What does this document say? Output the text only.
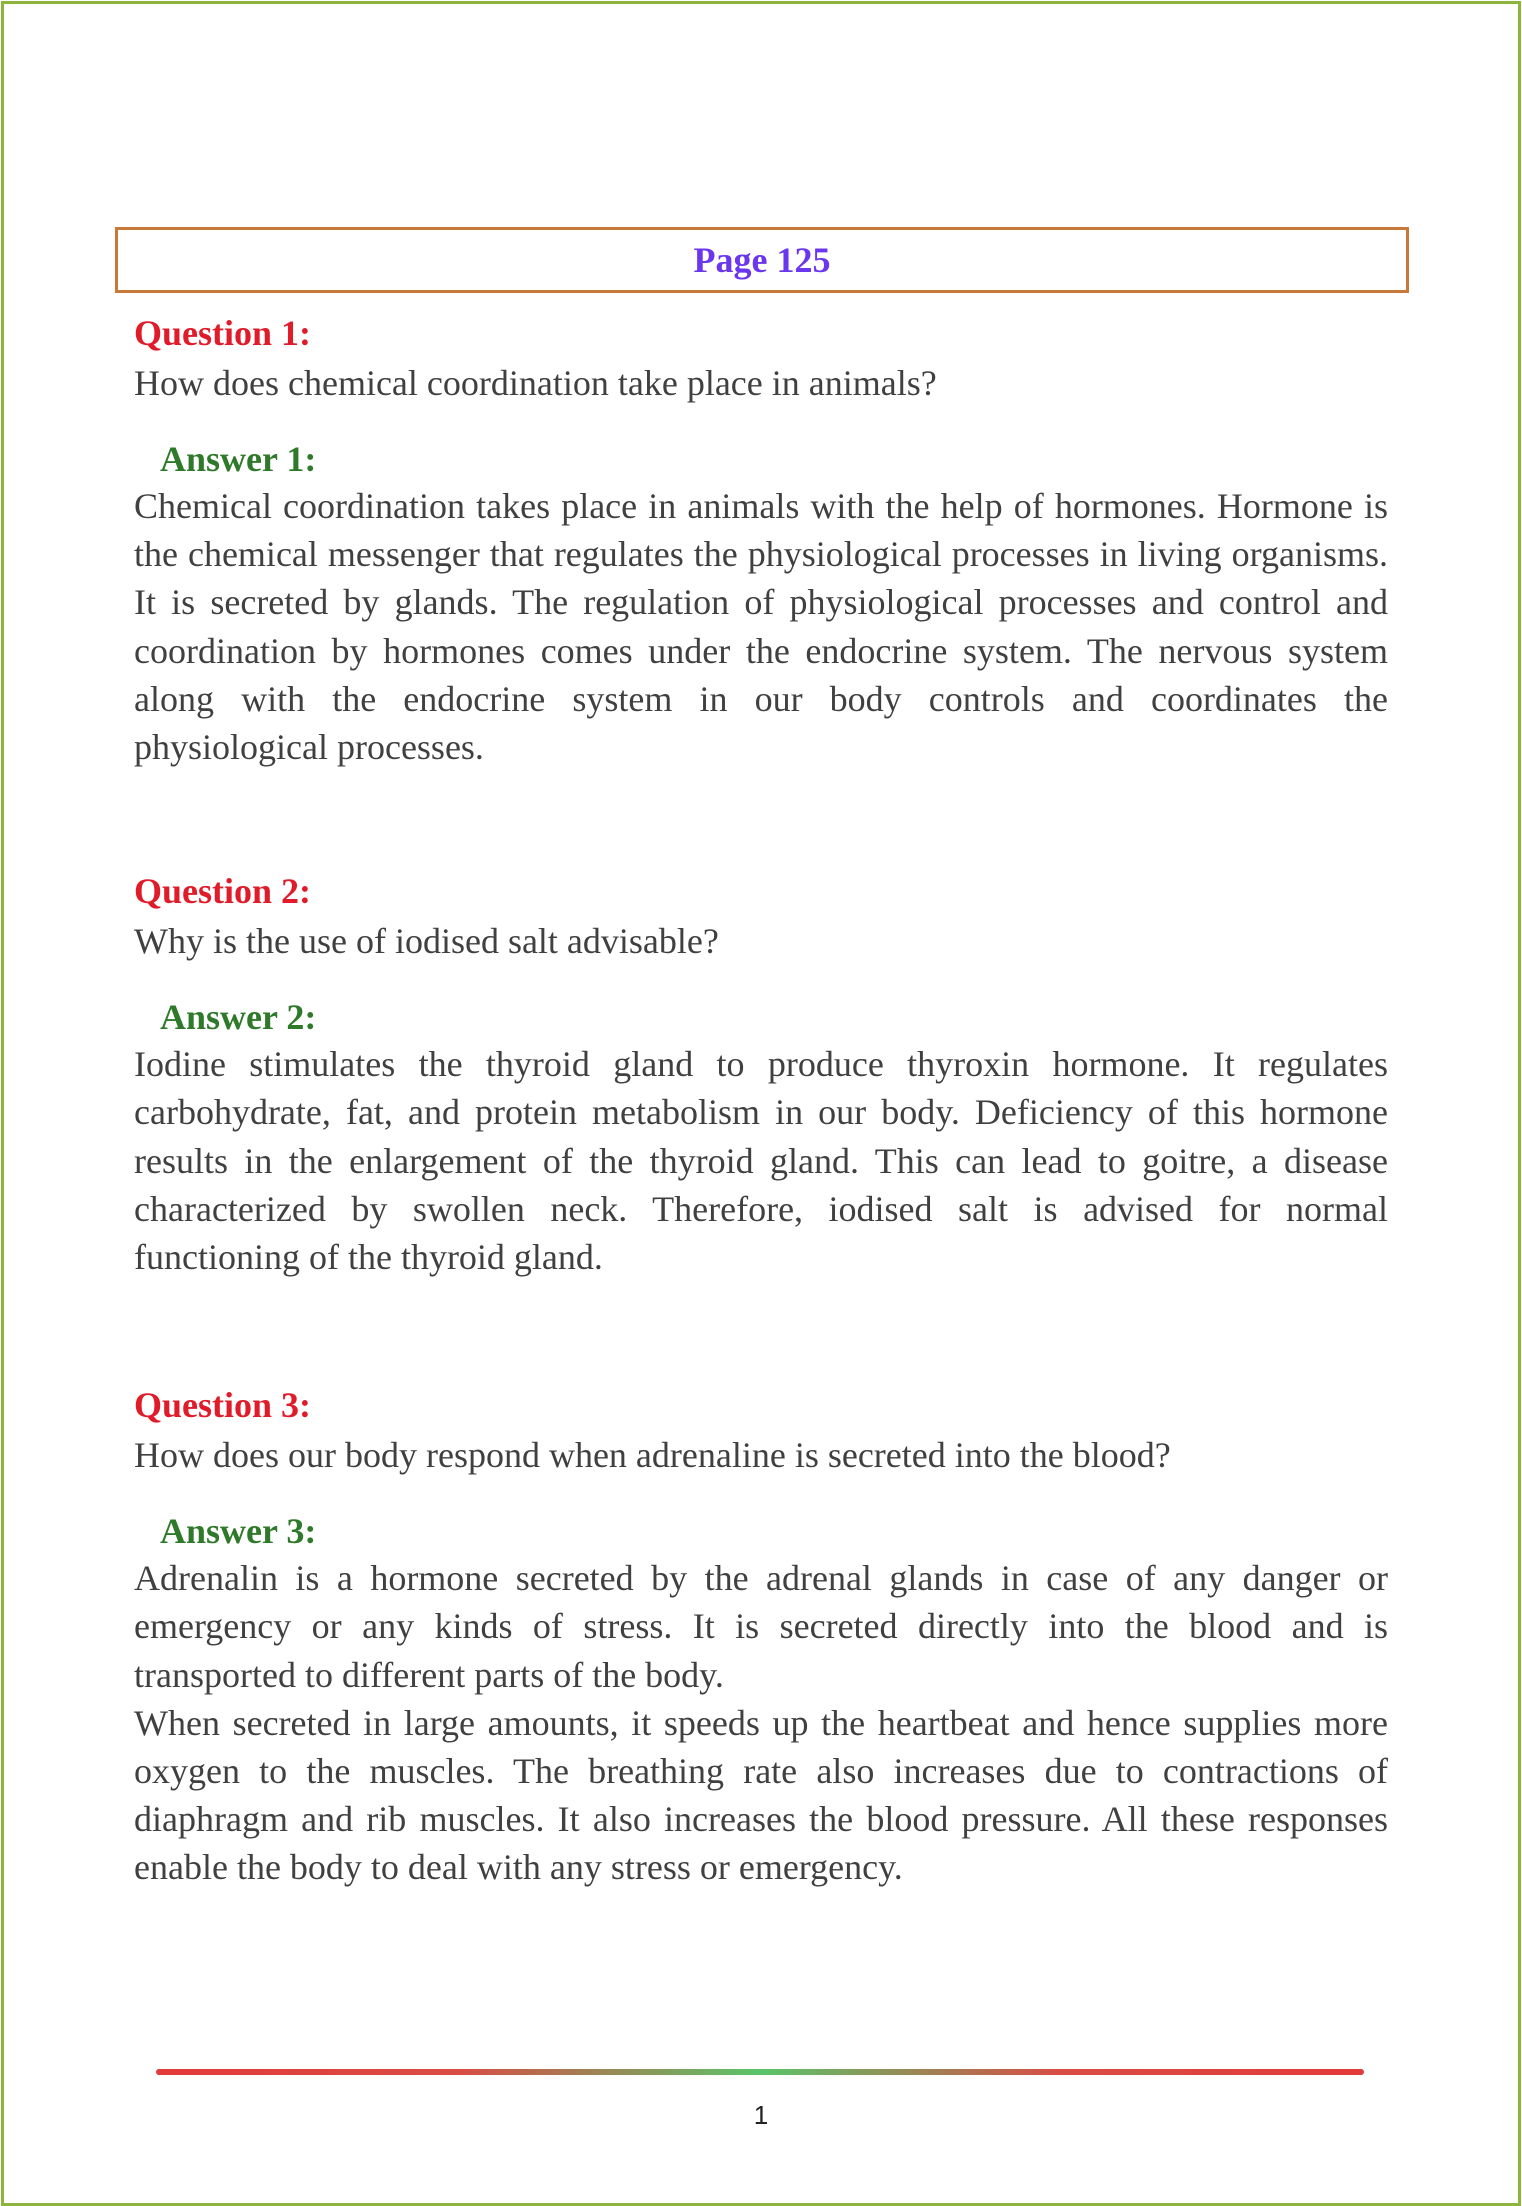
Page 125

Question 1:

How does chemical coordination take place in animals?

Answer 1:

Chemical coordination takes place in animals with the help of hormones. Hormone is the chemical messenger that regulates the physiological processes in living organisms. It is secreted by glands. The regulation of physiological processes and control and coordination by hormones comes under the endocrine system. The nervous system along with the endocrine system in our body controls and coordinates the physiological processes.

Question 2:

Why is the use of iodised salt advisable?

Answer 2:

Iodine stimulates the thyroid gland to produce thyroxin hormone. It regulates carbohydrate, fat, and protein metabolism in our body. Deficiency of this hormone results in the enlargement of the thyroid gland. This can lead to goitre, a disease characterized by swollen neck. Therefore, iodised salt is advised for normal functioning of the thyroid gland.

Question 3:

How does our body respond when adrenaline is secreted into the blood?

Answer 3:

Adrenalin is a hormone secreted by the adrenal glands in case of any danger or emergency or any kinds of stress. It is secreted directly into the blood and is transported to different parts of the body.

When secreted in large amounts, it speeds up the heartbeat and hence supplies more oxygen to the muscles. The breathing rate also increases due to contractions of diaphragm and rib muscles. It also increases the blood pressure. All these responses enable the body to deal with any stress or emergency.

1
